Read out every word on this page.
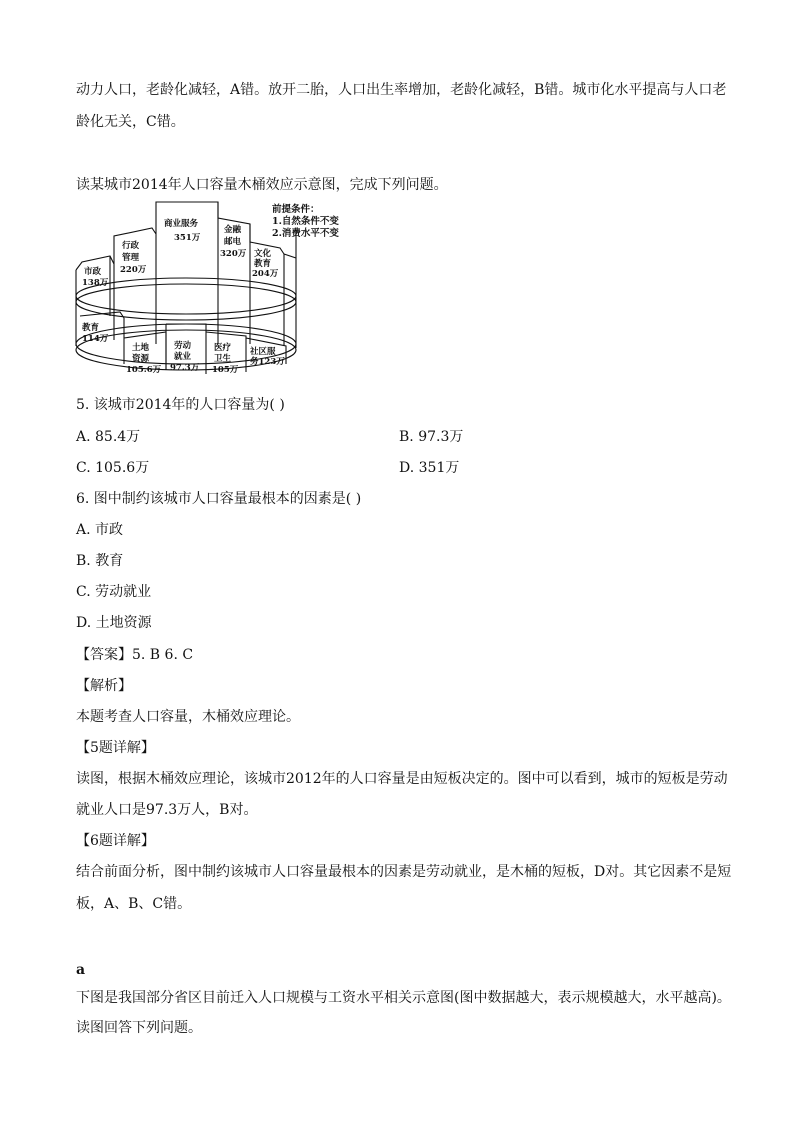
动力人口，老龄化减轻，A错。放开二胎，人口出生率增加，老龄化减轻，B错。城市化水平提高与人口老
龄化无关，C错。
读某城市2014年人口容量木桶效应示意图，完成下列问题。
商业服务
351万
金融
邮电
320万
行政
管理
220万
文化
教育
204万
市政
138万
教育
114万
土地
资源
105.6万
劳动
就业
97.3万
医疗
卫生
105万
社区服
务123万
前提条件：
1.自然条件不变
2.消费水平不变
5. 该城市2014年的人口容量为( )
A. 85.4万	B. 97.3万
C. 105.6万	D. 351万
6. 图中制约该城市人口容量最根本的因素是( )
A. 市政
B. 教育
C. 劳动就业
D. 土地资源
【答案】5. B 6. C
【解析】
本题考查人口容量，木桶效应理论。
【5题详解】
读图，根据木桶效应理论，该城市2012年的人口容量是由短板决定的。图中可以看到，城市的短板是劳动
就业人口是97.3万人，B对。
【6题详解】
结合前面分析，图中制约该城市人口容量最根本的因素是劳动就业，是木桶的短板，D对。其它因素不是短
板，A、B、C错。
a
下图是我国部分省区目前迁入人口规模与工资水平相关示意图(图中数据越大，表示规模越大，水平越高)。
读图回答下列问题。
